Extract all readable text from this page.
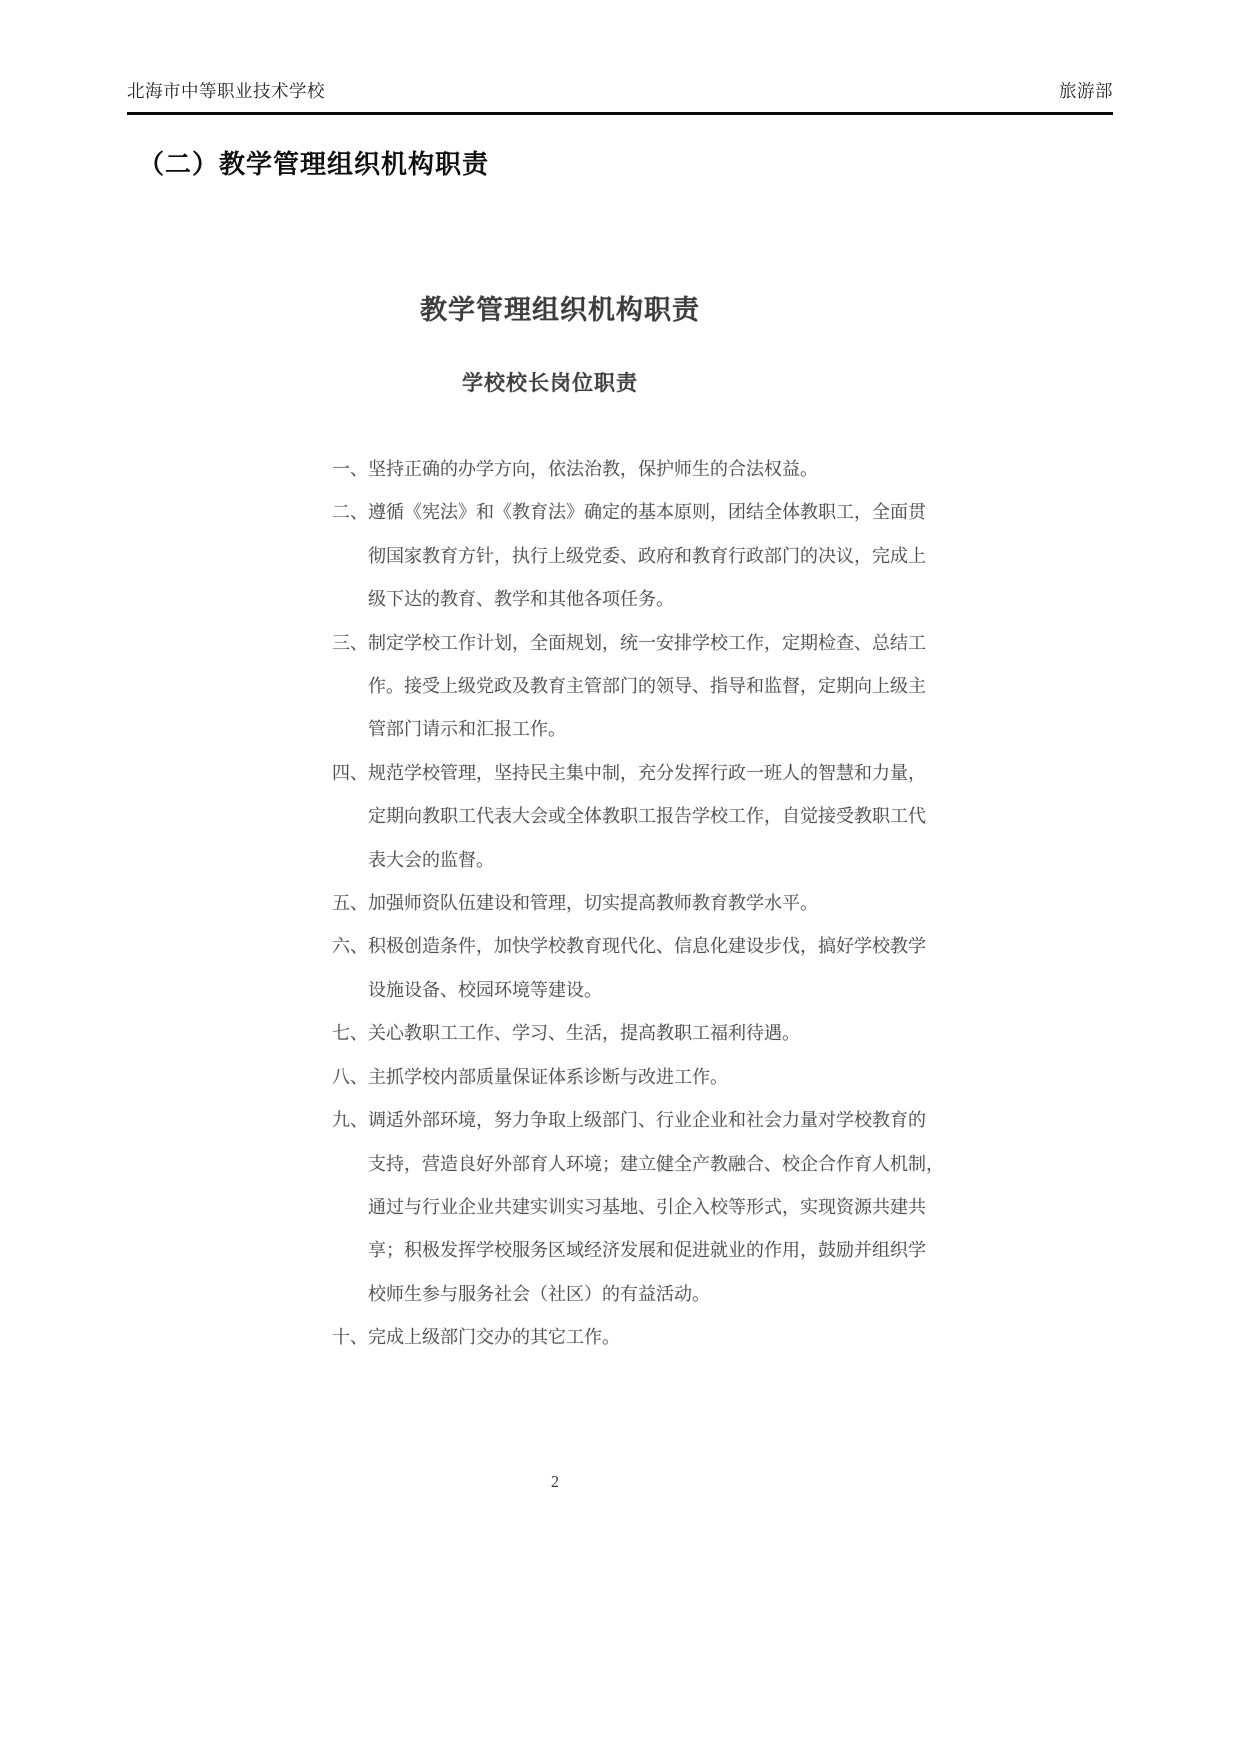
北海市中等职业技术学校	旅游部
（二）教学管理组织机构职责
教学管理组织机构职责
学校校长岗位职责
一、坚持正确的办学方向，依法治教，保护师生的合法权益。
二、遵循《宪法》和《教育法》确定的基本原则，团结全体教职工，全面贯
彻国家教育方针，执行上级党委、政府和教育行政部门的决议，完成上
级下达的教育、教学和其他各项任务。
三、制定学校工作计划，全面规划，统一安排学校工作，定期检查、总结工
作。接受上级党政及教育主管部门的领导、指导和监督，定期向上级主
管部门请示和汇报工作。
四、规范学校管理，坚持民主集中制，充分发挥行政一班人的智慧和力量，
定期向教职工代表大会或全体教职工报告学校工作，自觉接受教职工代
表大会的监督。
五、加强师资队伍建设和管理，切实提高教师教育教学水平。
六、积极创造条件，加快学校教育现代化、信息化建设步伐，搞好学校教学
设施设备、校园环境等建设。
七、关心教职工工作、学习、生活，提高教职工福利待遇。
八、主抓学校内部质量保证体系诊断与改进工作。
九、调适外部环境，努力争取上级部门、行业企业和社会力量对学校教育的
支持，营造良好外部育人环境；建立健全产教融合、校企合作育人机制，
通过与行业企业共建实训实习基地、引企入校等形式，实现资源共建共
享；积极发挥学校服务区域经济发展和促进就业的作用，鼓励并组织学
校师生参与服务社会（社区）的有益活动。
十、完成上级部门交办的其它工作。
2
